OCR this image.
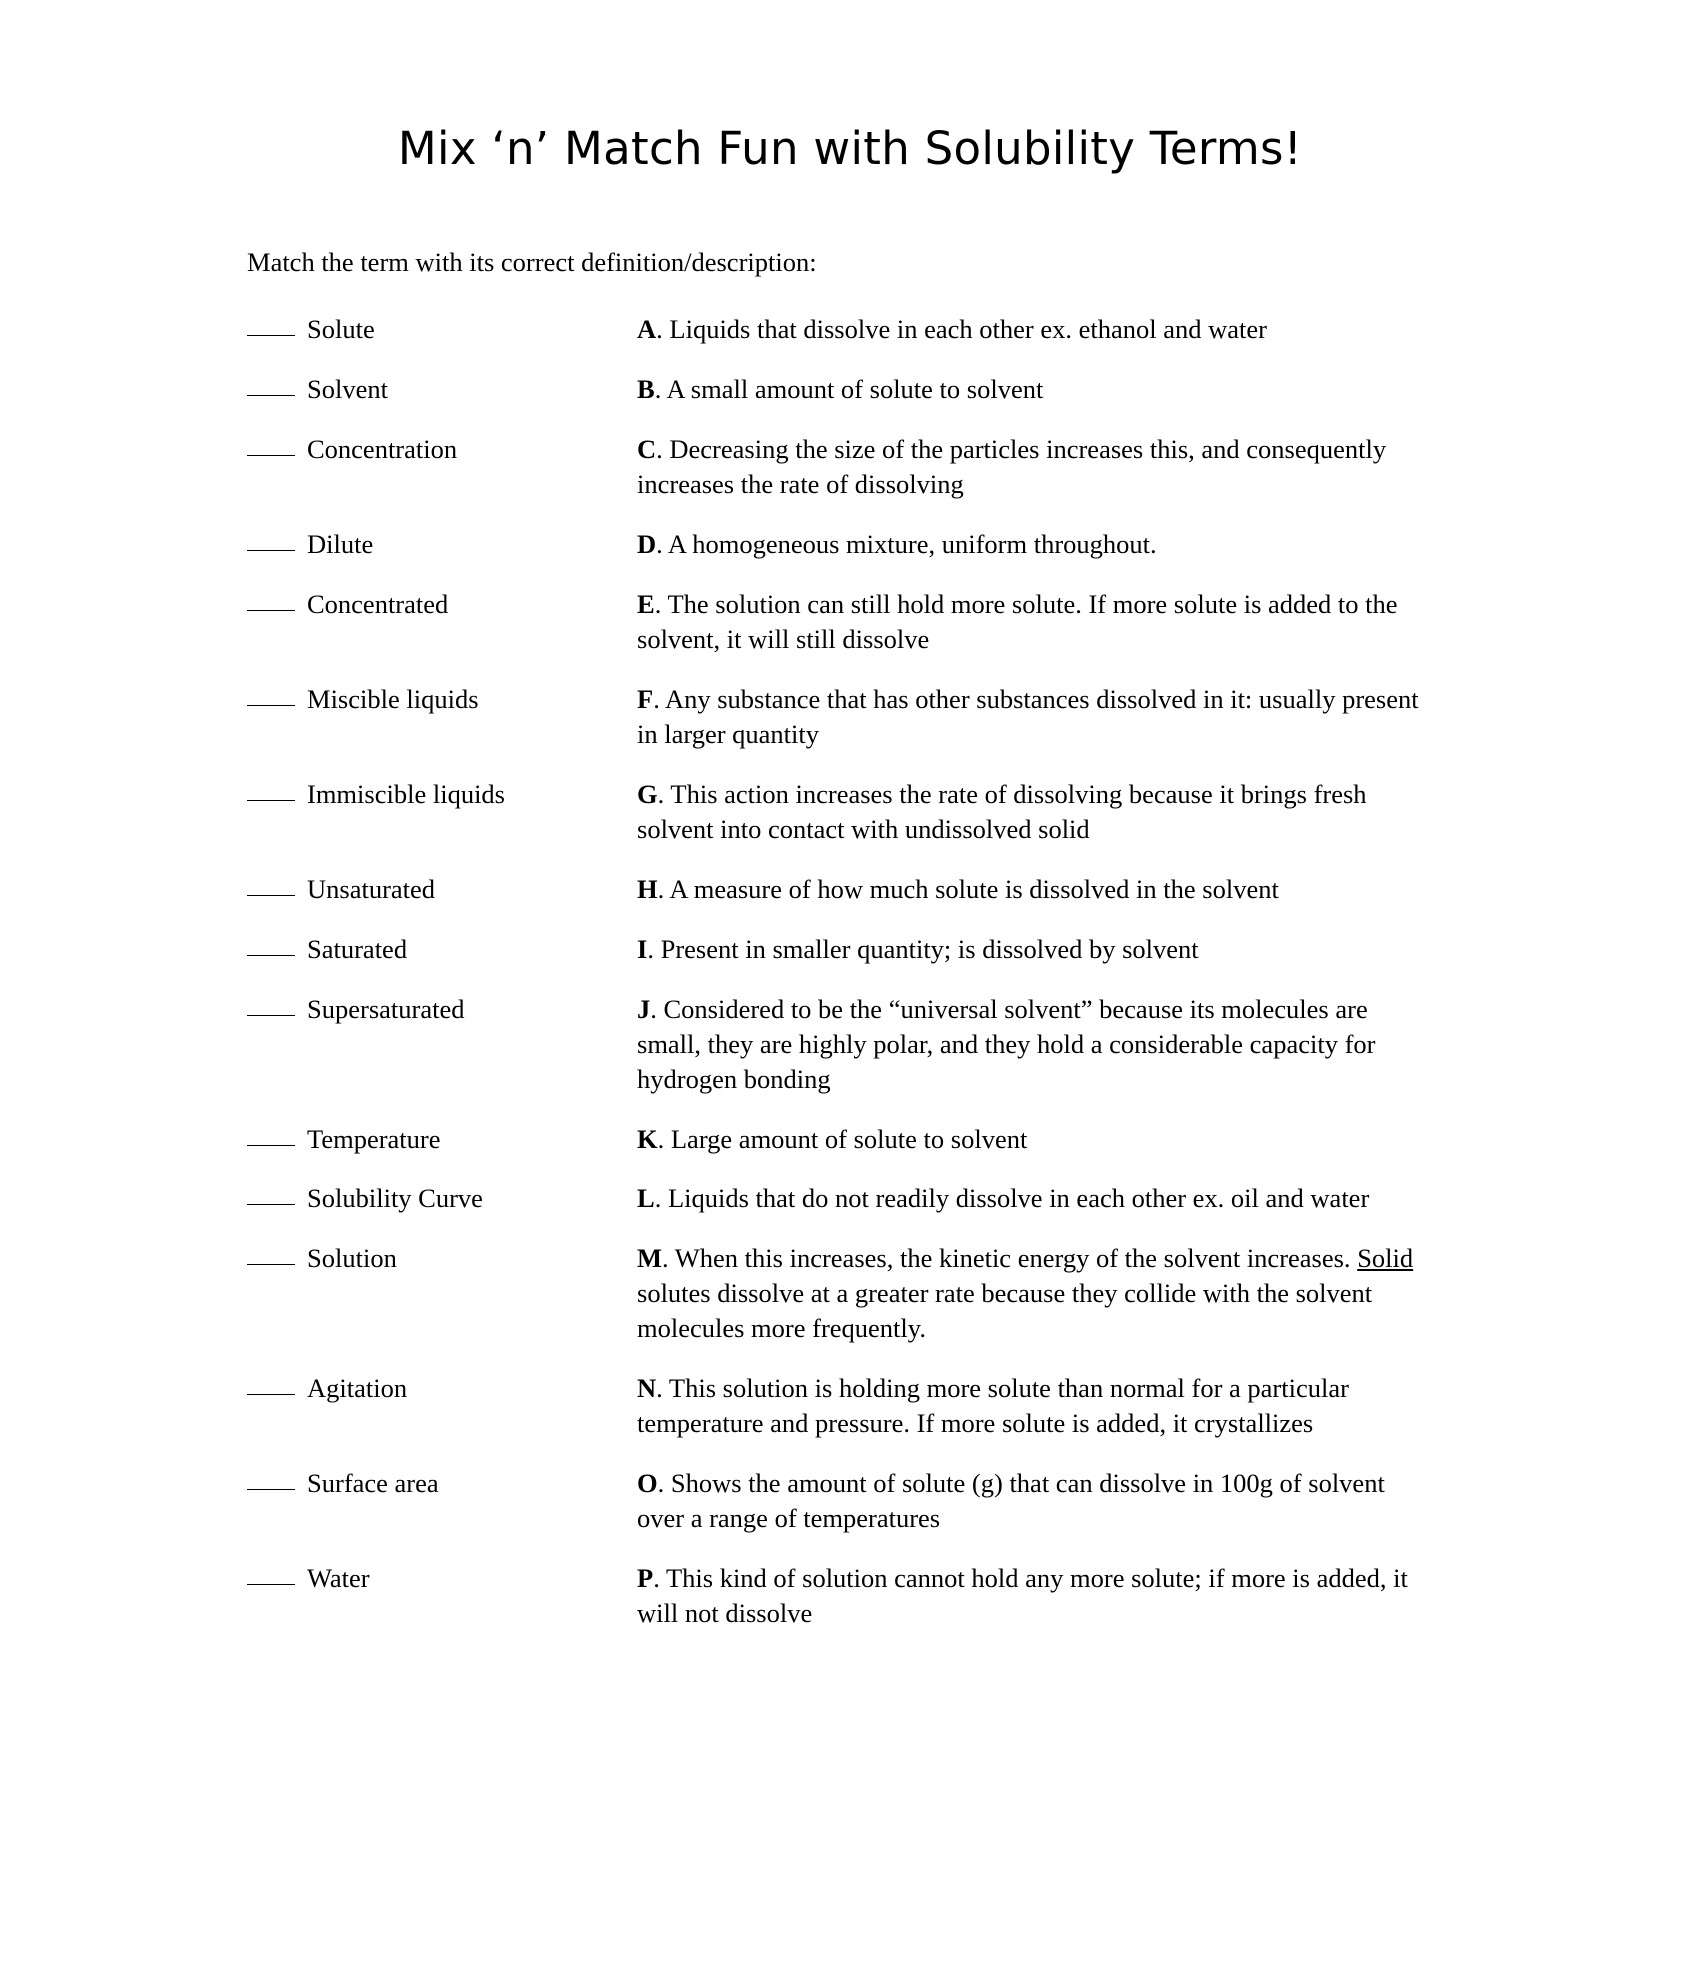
Mix ‘n’ Match Fun with Solubility Terms!
Match the term with its correct definition/description:
Solute	A. Liquids that dissolve in each other ex. ethanol and water
Solvent	B. A small amount of solute to solvent
Concentration	C. Decreasing the size of the particles increases this, and consequently increases the rate of dissolving
Dilute	D. A homogeneous mixture, uniform throughout.
Concentrated	E. The solution can still hold more solute. If more solute is added to the solvent, it will still dissolve
Miscible liquids	F. Any substance that has other substances dissolved in it: usually present in larger quantity
Immiscible liquids	G. This action increases the rate of dissolving because it brings fresh solvent into contact with undissolved solid
Unsaturated	H. A measure of how much solute is dissolved in the solvent
Saturated	I. Present in smaller quantity; is dissolved by solvent
Supersaturated	J. Considered to be the “universal solvent” because its molecules are small, they are highly polar, and they hold a considerable capacity for hydrogen bonding
Temperature	K. Large amount of solute to solvent
Solubility Curve	L. Liquids that do not readily dissolve in each other ex. oil and water
Solution	M. When this increases, the kinetic energy of the solvent increases. Solid solutes dissolve at a greater rate because they collide with the solvent molecules more frequently.
Agitation	N. This solution is holding more solute than normal for a particular temperature and pressure. If more solute is added, it crystallizes
Surface area	O. Shows the amount of solute (g) that can dissolve in 100g of solvent over a range of temperatures
Water	P. This kind of solution cannot hold any more solute; if more is added, it will not dissolve
